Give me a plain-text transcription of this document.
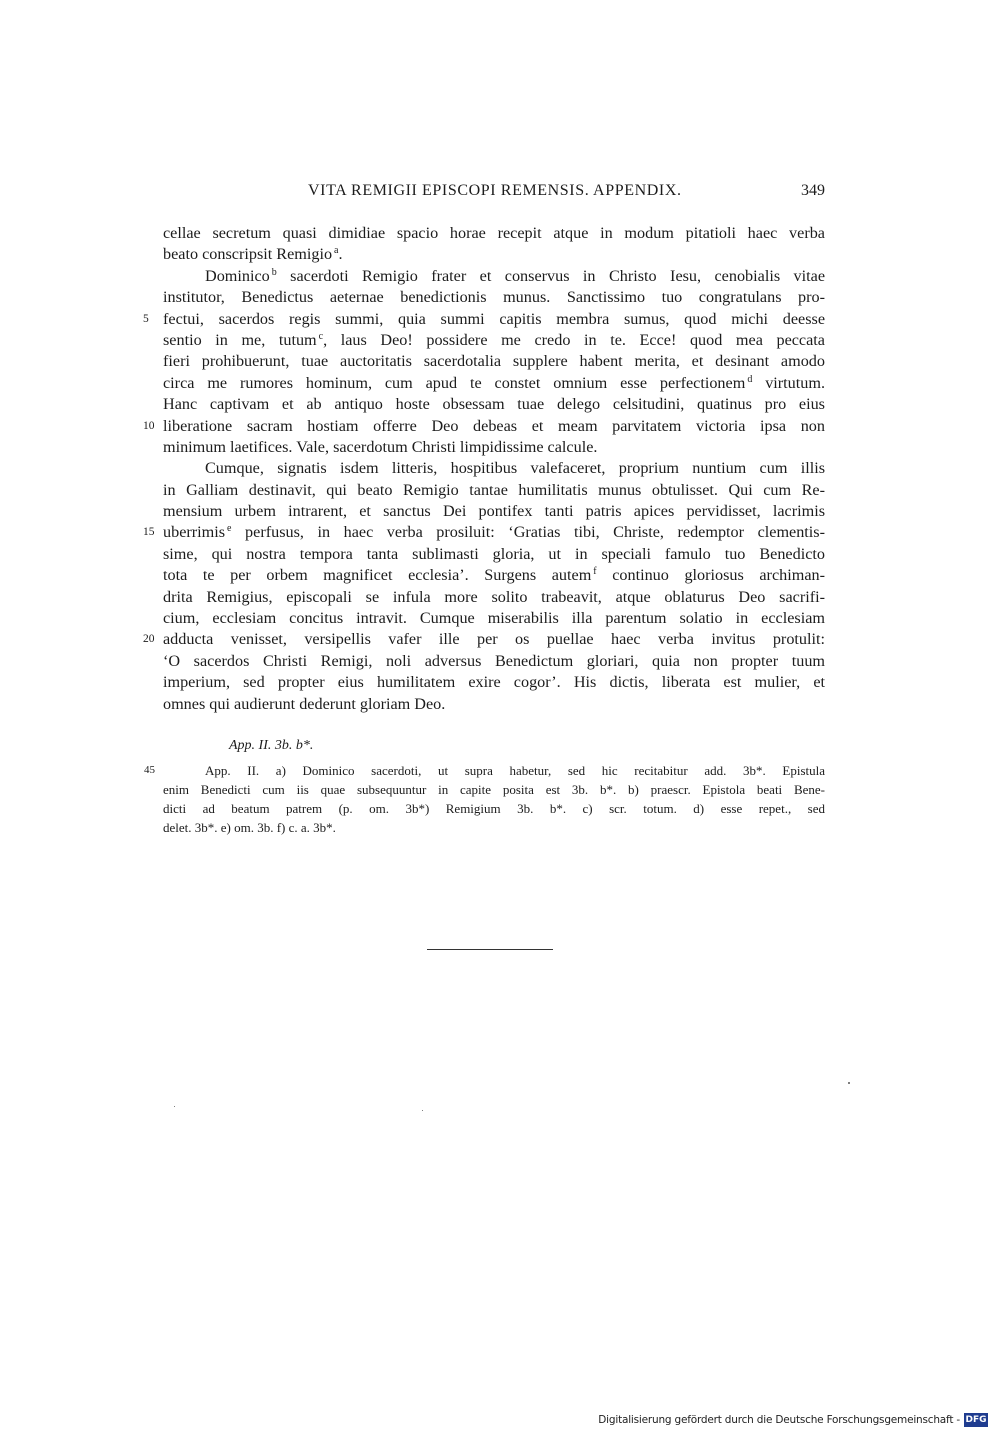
VITA REMIGII EPISCOPI REMENSIS. APPENDIX.	349
cellae secretum quasi dimidiae spacio horae recepit atque in modum pitatioli haec verba
beato conscripsit Remigio $^a$.
Dominico $^b$ sacerdoti Remigio frater et conservus in Christo Iesu, cenobialis vitae
institutor, Benedictus aeternae benedictionis munus. Sanctissimo tuo congratulans pro-
5 fectui, sacerdos regis summi, quia summi capitis membra sumus, quod michi deesse
sentio in me, tutum $^c$, laus Deo! possidere me credo in te. Ecce! quod mea peccata
fieri prohibuerunt, tuae auctoritatis sacerdotalia supplere habent merita, et desinant amodo
circa me rumores hominum, cum apud te constet omnium esse perfectionem $^d$ virtutum.
Hanc captivam et ab antiquo hoste obsessam tuae delego celsitudini, quatinus pro eius
10 liberatione sacram hostiam offerre Deo debeas et meam parvitatem victoria ipsa non
minimum laetifices. Vale, sacerdotum Christi limpidissime calcule.
Cumque, signatis isdem litteris, hospitibus valefaceret, proprium nuntium cum illis
in Galliam destinavit, qui beato Remigio tantae humilitatis munus obtulisset. Qui cum Re-
mensium urbem intrarent, et sanctus Dei pontifex tanti patris apices pervidisset, lacrimis
15 uberrimis $^e$ perfusus, in haec verba prosiluit: ‘Gratias tibi, Christe, redemptor clementis-
sime, qui nostra tempora tanta sublimasti gloria, ut in speciali famulo tuo Benedicto
tota te per orbem magnificet ecclesia’. Surgens autem $^f$ continuo gloriosus archiman-
drita Remigius, episcopali se infula more solito trabeavit, atque oblaturus Deo sacrifi-
cium, ecclesiam concitus intravit. Cumque miserabilis illa parentum solatio in ecclesiam
20 adducta venisset, versipellis vafer ille per os puellae haec verba invitus protulit:
‘O sacerdos Christi Remigi, noli adversus Benedictum gloriari, quia non propter tuum
imperium, sed propter eius humilitatem exire cogor’. His dictis, liberata est mulier, et
omnes qui audierunt dederunt gloriam Deo.
App. II. 3b. b*.
45	App. II. a) Dominico sacerdoti, ut supra habetur, sed hic recitabitur add. 3b*. Epistula
enim Benedicti cum iis quae subsequuntur in capite posita est 3b. b*. b) praescr. Epistola beati Bene-
dicti ad beatum patrem (p. om. 3b*) Remigium 3b. b*. c) scr. totum. d) esse repet., sed
delet. 3b*. e) om. 3b. f) c. a. 3b*.
Digitalisierung gefördert durch die Deutsche Forschungsgemeinschaft - DFG
